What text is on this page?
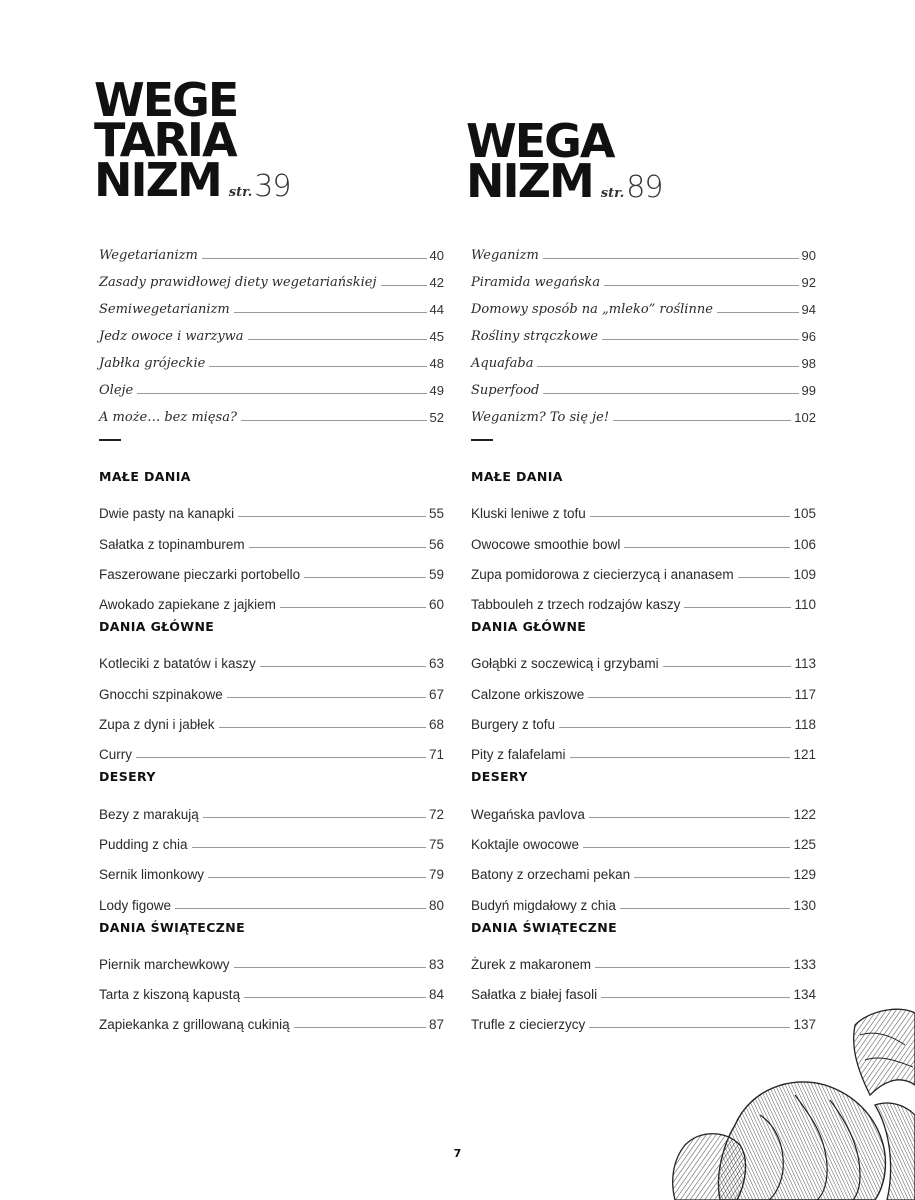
WEGE
TARIA
NIZM str.39
Wegetarianizm	40
Zasady prawidłowej diety wegetariańskiej	42
Semiwegetarianizm	44
Jedz owoce i warzywa	45
Jabłka grójeckie	48
Oleje	49
A może… bez mięsa?	52
MAŁE DANIA
Dwie pasty na kanapki	55
Sałatka z topinamburem	56
Faszerowane pieczarki portobello	59
Awokado zapiekane z jajkiem	60
DANIA GŁÓWNE
Kotleciki z batatów i kaszy	63
Gnocchi szpinakowe	67
Zupa z dyni i jabłek	68
Curry	71
DESERY
Bezy z marakują	72
Pudding z chia	75
Sernik limonkowy	79
Lody figowe	80
DANIA ŚWIĄTECZNE
Piernik marchewkowy	83
Tarta z kiszoną kapustą	84
Zapiekanka z grillowaną cukinią	87
WEGA
NIZM str.89
Weganizm	90
Piramida wegańska	92
Domowy sposób na „mleko” roślinne	94
Rośliny strączkowe	96
Aquafaba	98
Superfood	99
Weganizm? To się je!	102
MAŁE DANIA
Kluski leniwe z tofu	105
Owocowe smoothie bowl	106
Zupa pomidorowa z ciecierzycą i ananasem	109
Tabbouleh z trzech rodzajów kaszy	110
DANIA GŁÓWNE
Gołąbki z soczewicą i grzybami	113
Calzone orkiszowe	117
Burgery z tofu	118
Pity z falafelami	121
DESERY
Wegańska pavlova	122
Koktajle owocowe	125
Batony z orzechami pekan	129
Budyń migdałowy z chia	130
DANIA ŚWIĄTECZNE
Żurek z makaronem	133
Sałatka z białej fasoli	134
Trufle z ciecierzycy	137
7
